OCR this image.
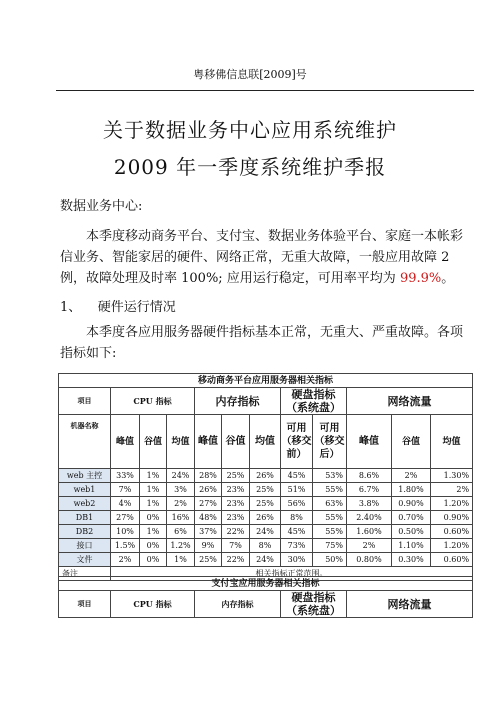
粤移佛信息联[2009]号
关于数据业务中心应用系统维护
2009 年一季度系统维护季报
数据业务中心:
本季度移动商务平台、支付宝、数据业务体验平台、家庭一本帐彩信业务、智能家居的硬件、网络正常，无重大故障，一般应用故障 2 例，故障处理及时率 100%; 应用运行稳定，可用率平均为 99.9%。
1、    硬件运行情况
本季度各应用服务器硬件指标基本正常，无重大、严重故障。各项指标如下:
移动商务平台应用服务器相关指标											
项目	CPU 指标			内存指标			硬盘指标（系统盘）		网络流量		
机器名称	峰值	谷值	均值	峰值	谷值	均值	可用（移交前）	可用（移交后）	峰值	谷值	均值
web 主控	33%	1%	24%	28%	25%	26%	45%	53%	8.6%	2%	1.30%
web1	7%	1%	3%	26%	23%	25%	51%	55%	6.7%	1.80%	2%
web2	4%	1%	2%	27%	23%	25%	56%	63%	3.8%	0.90%	1.20%
DB1	27%	0%	16%	48%	23%	26%	8%	55%	2.40%	0.70%	0.90%
DB2	10%	1%	6%	37%	22%	24%	45%	55%	1.60%	0.50%	0.60%
接口	1.5%	0%	1.2%	9%	7%	8%	73%	75%	2%	1.10%	1.20%
文件	2%	0%	1%	25%	22%	24%	30%	50%	0.80%	0.30%	0.60%
备注	相关指标正常范围。										
支付宝应用服务器相关指标
项目	CPU 指标	内存指标	硬盘指标（系统盘）	网络流量
